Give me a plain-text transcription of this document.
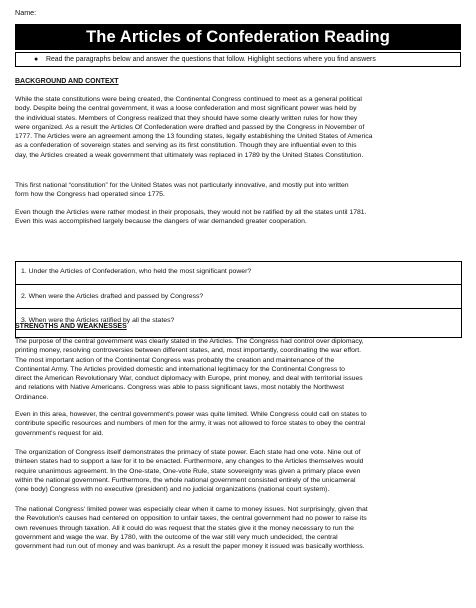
Name:
The Articles of Confederation Reading
● Read the paragraphs below and answer the questions that follow. Highlight sections where you find answers
BACKGROUND AND CONTEXT
While the state constitutions were being created, the Continental Congress continued to meet as a general political
body. Despite being the central government, it was a loose confederation and most significant power was held by
the individual states. Members of Congress realized that they should have some clearly written rules for how they
were organized. As a result the Articles Of Confederation were drafted and passed by the Congress in November of
1777. The Articles were an agreement among the 13 founding states, legally establishing the United States of America
as a confederation of sovereign states and serving as its first constitution. Though they are influential even to this
day, the Articles created a weak government that ultimately was replaced in 1789 by the United States Constitution.
This first national “constitution” for the United States was not particularly innovative, and mostly put into written
form how the Congress had operated since 1775.
Even though the Articles were rather modest in their proposals, they would not be ratified by all the states until 1781.
Even this was accomplished largely because the dangers of war demanded greater cooperation.
1. Under the Articles of Confederation, who held the most significant power?
2. When were the Articles drafted and passed by Congress?
3. When were the Articles ratified by all the states?
STRENGTHS AND WEAKNESSES
The purpose of the central government was clearly stated in the Articles. The Congress had control over diplomacy,
printing money, resolving controversies between different states, and, most importantly, coordinating the war effort.
The most important action of the Continental Congress was probably the creation and maintenance of the
Continental Army. The Articles provided domestic and international legitimacy for the Continental Congress to
direct the American Revolutionary War, conduct diplomacy with Europe, print money, and deal with territorial issues
and relations with Native Americans. Congress was able to pass significant laws, most notably the Northwest
Ordinance.
Even in this area, however, the central government's power was quite limited. While Congress could call on states to
contribute specific resources and numbers of men for the army, it was not allowed to force states to obey the central
government's request for aid.
The organization of Congress itself demonstrates the primacy of state power. Each state had one vote. Nine out of
thirteen states had to support a law for it to be enacted. Furthermore, any changes to the Articles themselves would
require unanimous agreement. In the One-state, One-vote Rule, state sovereignty was given a primary place even
within the national government. Furthermore, the whole national government consisted entirely of the unicameral
(one body) Congress with no executive (president) and no judicial organizations (national court system).
The national Congress' limited power was especially clear when it came to money issues. Not surprisingly, given that
the Revolution's causes had centered on opposition to unfair taxes, the central government had no power to raise its
own revenues through taxation. All it could do was request that the states give it the money necessary to run the
government and wage the war. By 1780, with the outcome of the war still very much undecided, the central
government had run out of money and was bankrupt. As a result the paper money it issued was basically worthless.
